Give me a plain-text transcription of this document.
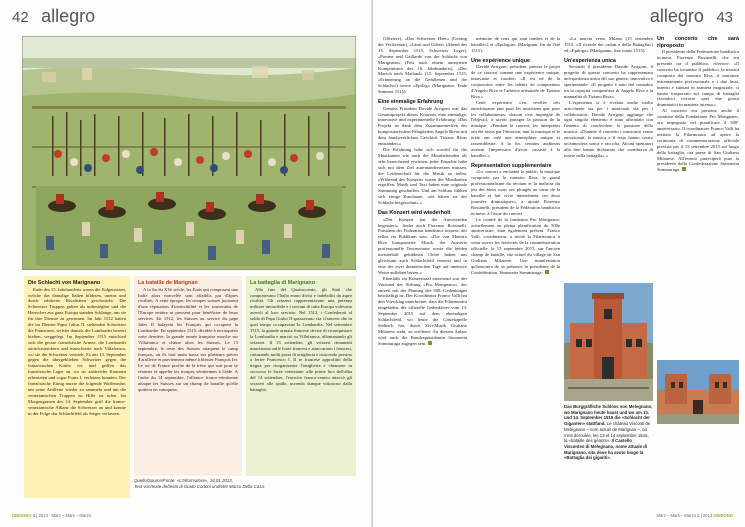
42 allegro
Die Schlacht von Marignano

Ende des 15. Jahrhunderts waren die Eidgenossen, welche das damalige Italien bildeten, uneins und durch erbitterte Rivalitäten geschwächt. Die Schweizer Truppen galten als unbesiegbar und die Herrscher aus ganz Europa standen Schlange, um sie für ihre Dienste zu gewinnen. Im Jahr 1512 hatten die im Dienste Papst Julius II. stehenden Schweizer die Franzosen, welche damals die Lombardei besetzt hielten, weggefegt. Im September 1515 entschied sich die grosse französische Armee, die Lombardei zurückzuerobern und marschierte nach Villafranca, wo sie die Schweizer vertrieb. Es am 13. September gegen die übergeblieben Schweizer gegen die französischen Kräfte vor und griffen das französische Lager an, wo sie zahlreiche Kanonen erbeuteten und sogar Franz I. verletzen konnten. Der französische König nutzte die folgende Waffenruhe, um seine Artillerie wieder zu sammeln und um die venezianischen Truppen zu Hilfe zu rufen. Im Morgengrauen des 14. September griff die franco-venezianische Allianz die Schweizer an und konnte in der Folge das Schlachtfeld als Sieger verlassen.

La bataille de Marignan

A la fin du XVe siècle, les Etats qui composent une Italie alors morcelée sont affaiblis par d'âpres rivalités. A cette époque, les troupes suisses jouissent d'une réputation d'invincibilité et les souverains de l'Europe entière se pressent pour bénéficier de leurs services. En 1512, les Suisses au service du pape Jules II balayent les Français qui occupent la Lombardie. En septembre 1515, décidée à reconquérir cette dernière, la grande armée française marche sur Villafranca et chasse alors les Suisses. Le 13 septembre, le reste des Suisses attaquent le camp français, où ils font main basse sur plusieurs pièces d'artillerie et parviennent même à blesser François Ier. Le roi de France profite de la trêve qui suit pour se réarmer et appeler les troupes vénitiennes à l'aide. A l'aube du 14 septembre, l'alliance franco-vénitienne attaque les Suisses sur un champ de bataille qu'elle quittera en vainqueur.

La battaglia di Marignano

Alla fine del Quattrocento, gli Stati che componevano l'Italia erano divisi e indeboliti da aspre rivalità. Gli svizzeri rappresentavano una potenza militare invincibile e i sovrani di tutta Europa volevano avervli al loro servizio. Nel 1512, i Confederati al soldo di Papa Giulio II spazzavano via i francesi che in quel tempo occupavano la Lombardia. Nel settembre 1515, la grande armata francese decise di riconquistare la Lombardia e marciò su Villafranca, allontanando gli svizzeri. Il 13 settembre, gli svizzeri rimanenti marciarono sulle forze francesi e attaccarono i francesi, catturando molti pezzi di artiglieria e riuscendo persino a ferire Francesco I. Il re francese approfittò della tregua per riorganizzare l'artiglieria e chiamare in soccorso le forze veneziane: alle prime luci dell'alba del 14 settembre, l'esercito franco-veneto attaccò gli svizzeri alle spalle, uscendo dunque vittorioso dalla battaglia.

Quelle/Source/Fonte: «L'Informatore», 16.01.2013,
Text von/texte de/testo di Guido Codoni und/et/e Marco Della Casa.
UNISONO 5 | 2013 · März – Mars – Marzo
allegro 43
März – Mars – Marzo 5 | 2013 UNISONO

Offiziere), «Das Schweizer Heer» (Gesang der Verlorenen), «Lärm und Gebet» (Abend des 13. September 1515, Schweizer Lager), «Pavane und Gaillarde von der Schlacht von Marignano» (Fest nach einem anonymen Komponisten des 16. Jahrhunderts), «Der Marsch nach Mailand» (15. September 1515, «Erinnerung an die Gefallenen und die Schlacht») sowie «Epilog» (Marignano, Ende Sommer 1515).

Eine einmalige Erfahrung

Gemäss Präsident Davide Arrigoni war das Gesamtprojekt dieses Konzerts eine einmalige, innovative und experimentelle Erfahrung: «Das Projekt ist dank dem Zusammentreffen der kompositorischen Fähigkeiten Angelo Rivas mit dem handwerklichen Geschick Tiziano Rivas entstanden.»

Die Erfahrung habe sich sowohl für die Musikanten wie auch die Mitarbeitenden als sehr bereichernd erwiesen, jeder Einzelne habe sich mit dem Ziel auseinandersetzen müssen, die Leidenschaft für die Musik zu teilen. «Während des Konzerts waren die Musikanten ergriffen, Musik und Text haben eine originale Stimmung geschaffen. Und am Schluss fühlten sich einige Zuschauer, «als hätten sie der Schlacht beigewohnt».»

Das Konzert wird wiederholt

«Das Konzert hat die Anwesenden begeistert», findet auch Fiorenzo Rossinelli, Präsident der Föderation bandistica ticinese, der selbst im Publikum sass: «Die von Maestro Riva komponierte Musik, der Ausserte professionelle Textrezitator sowie die beiden meisterhaft gebildeten Chöre haben uns gleichsam auch Schlachtfeld versetzt und in eine der zwei dramatischen Tage auf intensive Weise aufleben lassen.»

Ebenfalls im Konzertsaal anwesend war der Vorstand der Stiftung «Pro Marignano», der zurzeit mit der Planung des 500. Gedenktages beschäftigt ist. Der Koordinator Franco Valli hat den Vorschlag unterbreitet, dass die Filarmonica eingeladen, die offizielle Gedenkfeier vom 13. September 2015 auf dem ehemaligen Schlachtfeld, wo heute die Gästekapelle Stehtsch hat, durch Zivi-Musik Giuliano Milanese steht, zu eröffnen. An diesem Anlass wird auch die Bundespräsidentin Simonetta Sommaruga zugegen sein.

mémoire de ceux qui sont tombés et de la bataille») et «Epilogue» (Marignan, fin de l'été 1515).

Une expérience unique

Davide Arrigoni, président, précise le projet de ce concert comme une expérience unique, innovante et insolite: «Il est né de la conjonction entre les talents de compositeur d'Angelo Riva et l'adresse artisanale de Tiziano Riva.»

Cette expérience s'est révélée très enrichissante tant pour les musiciens que pour les collaborateurs: chacun s'est impregné de l'objectif, à savoir partager la passion de la musique. «Pendant le concert, les interprètes ont été saisis par l'émotion, tant la musique et le texte ont créé une atmosphère unique et rassembleuse. A la fin, certains auditeurs avaient l'impression d'avoir «assisté à la bataille».»

Représentation supplémentaire

«Le concert a enchanté le public; la musique composée par le maestro Riva, le grand professionnalisme du récitant et la maîtrise du jeu des bleus nous ont plongés au cœur de la bataille et fait vivre intensément ces deux journées dramatiques», a ajouté Fiorenzo Rossinelli, président de la Fédération bandistica ticinese, à l'issue du concert.

Le comité de la fondation Pro Marignano, actuellement en pleine planification du 500e anniversaire, était également présent. Franco Valli, coordinateur, a invité la Filarmonica à venir ouvrir les festivités de la commémoration officielle, le 13 septembre 2015, sur l'ancien champ de bataille, site actuel du village de San Giuliano Milanese. Une manifestation qu'honorera de sa présence la présidente de la Confédération, Simonetta Sommaruga.

«La marcia verso Milano (15 settembre 1515, «Il ricordo dei caduti e della Battaglia») ed «Epilogo» (Marignano, fine estate 1515).

Un'esperienza unica

Secondo il presidente Davide Arrigoni, il progetto di questo concerto ha rappresentato un'esperienza unica del suo genere, innovativa e sperimentale: «Il progetto è nato dal connubio tra la capacità compositiva di Angelo Riva e la manualità di Tiziano Riva».

L'esperienza si è rivelata anche molto arricchente sia per i musicanti sia per i collaboratori. Davide Arrigoni aggiunge che ogni singolo elemento è stato affrontato con l'intento di condividere la passione della musica. «Durante il concerto i musicanti erano emozionati, la musica e il testo hanno creato un'atmosfera unica e raccolta. Alcuni spettatori alla fine hanno dichiarato che «sembrava di essere nella battaglia».»

Un concerto che sarà riproposto

Il presidente della Federazione bandistica ticinese, Fiorenzo Rossinelli, che era presente tra il pubblico, riferisce: «Il concerto ha incantato il pubblico, la musica composta dal maestro Riva, il narratore estremamente professionale e i due linai, inseriti e suonati in maniera magistrale, ci hanno trasportato sul campo di battaglia facendoci rivivere quei due giorni drammatici in maniera intensa.»

Al concerto era presente anche il comitato della Fondazione Pro Marignano, ora impegnato nel pianificare il 500° anniversario. Il coordinatore Franco Valli ha invitato la Filarmonica ad aprire la cerimonia di commemorazione ufficiale prevista per il 13 settembre 2015 sul luogo della battaglia, ora paese di San Giuliano Milanese. All'evento parteciperà pure la presidente della Confederazione Simonetta Sommaruga.

Das Burggräfliche Schloss von Melegnano, wo Marignano heute haust und wo am 13. und 14. September 1515 die «Schlacht der Giganten» stattfand. Le château Visconti de Melegnano – nom actuel de Marignan –, où s'est déroulée, les 13 et 14 septembre 1515, la «bataille des géants». Il Castello Visconteo di Melegnano, nome attuale di Marignano, sita dove ha avuto luogo la «Battaglia dei giganti».
